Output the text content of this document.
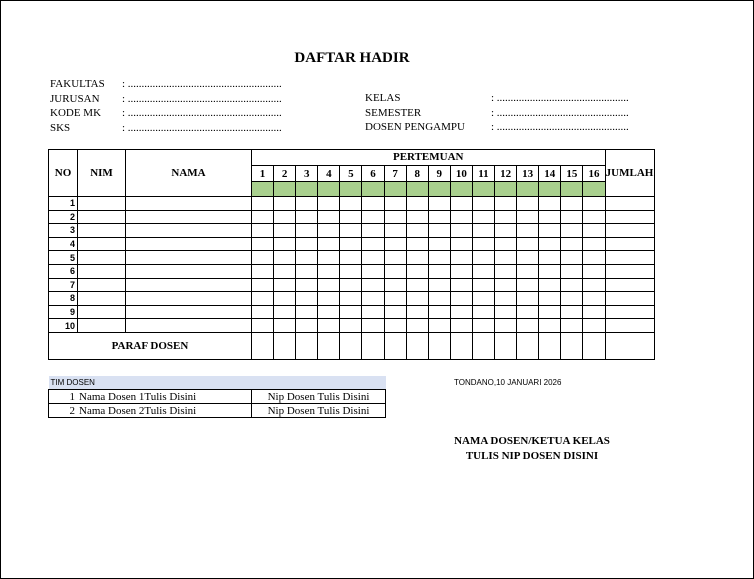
DAFTAR HADIR
FAKULTAS	: ........................................................
JURUSAN	: ........................................................
KODE MK	: ........................................................
SKS	: ........................................................
KELAS	: ................................................
SEMESTER	: ................................................
DOSEN PENGAMPU	: ................................................
NO	NIM	NAMA	PERTEMUAN																JUMLAH
			1	2	3	4	5	6	7	8	9	10	11	12	13	14	15	16	

1																			
2																			
3																			
4																			
5																			
6																			
7																			
8																			
9																			
10																			
PARAF DOSEN																			
TIM DOSEN		
1	Nama Dosen 1Tulis Disini	Nip Dosen Tulis Disini
2	Nama Dosen 2Tulis Disini	Nip Dosen Tulis Disini
TONDANO,10 JANUARI 2026
NAMA DOSEN/KETUA KELAS
TULIS NIP DOSEN DISINI
